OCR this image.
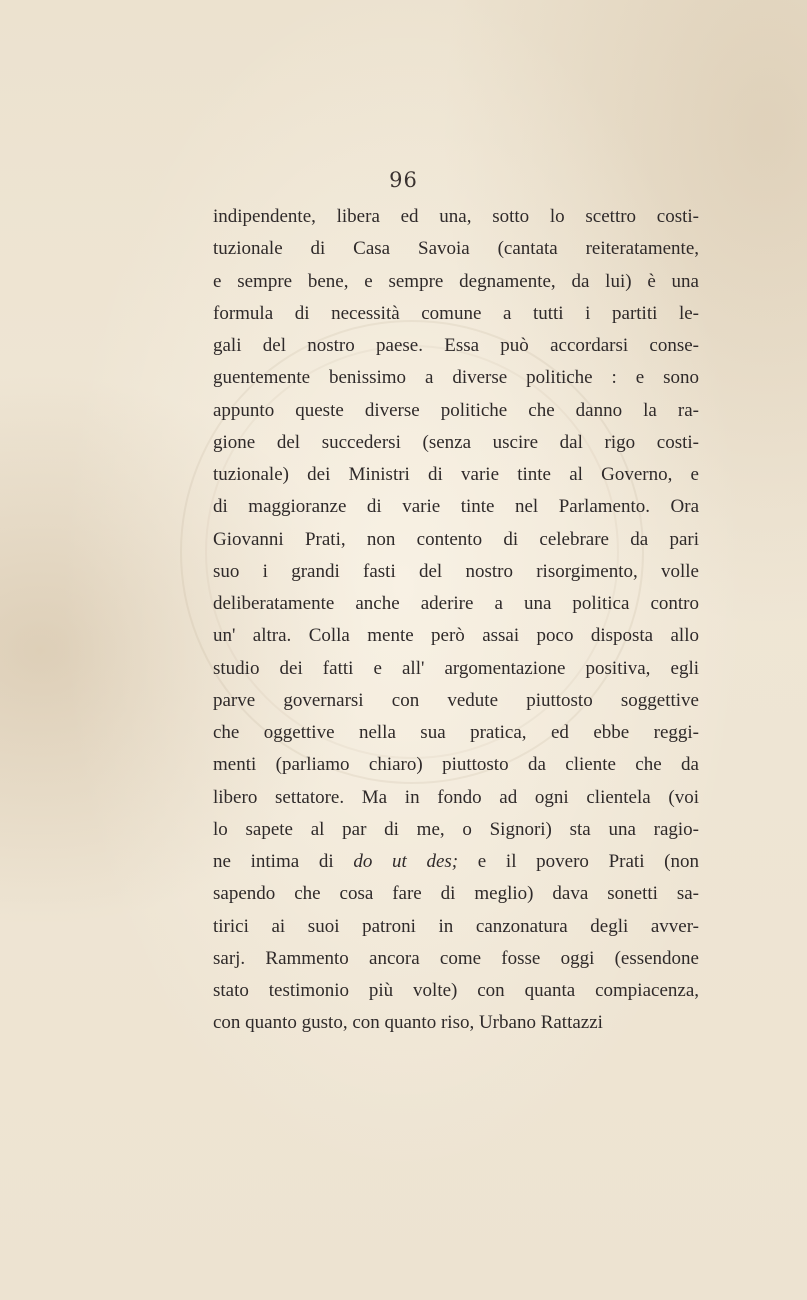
96
indipendente, libera ed una, sotto lo scettro costi-
tuzionale di Casa Savoia (cantata reiteratamente,
e sempre bene, e sempre degnamente, da lui) è una
formula di necessità comune a tutti i partiti le-
gali del nostro paese. Essa può accordarsi conse-
guentemente benissimo a diverse politiche : e sono
appunto queste diverse politiche che danno la ra-
gione del succedersi (senza uscire dal rigo costi-
tuzionale) dei Ministri di varie tinte al Governo, e
di maggioranze di varie tinte nel Parlamento. Ora
Giovanni Prati, non contento di celebrare da pari
suo i grandi fasti del nostro risorgimento, volle
deliberatamente anche aderire a una politica contro
un' altra. Colla mente però assai poco disposta allo
studio dei fatti e all' argomentazione positiva, egli
parve governarsi con vedute piuttosto soggettive
che oggettive nella sua pratica, ed ebbe reggi-
menti (parliamo chiaro) piuttosto da cliente che da
libero settatore. Ma in fondo ad ogni clientela (voi
lo sapete al par di me, o Signori) sta una ragio-
ne intima di do ut des; e il povero Prati (non
sapendo che cosa fare di meglio) dava sonetti sa-
tirici ai suoi patroni in canzonatura degli avver-
sarj. Rammento ancora come fosse oggi (essendone
stato testimonio più volte) con quanta compiacenza,
con quanto gusto, con quanto riso, Urbano Rattazzi
